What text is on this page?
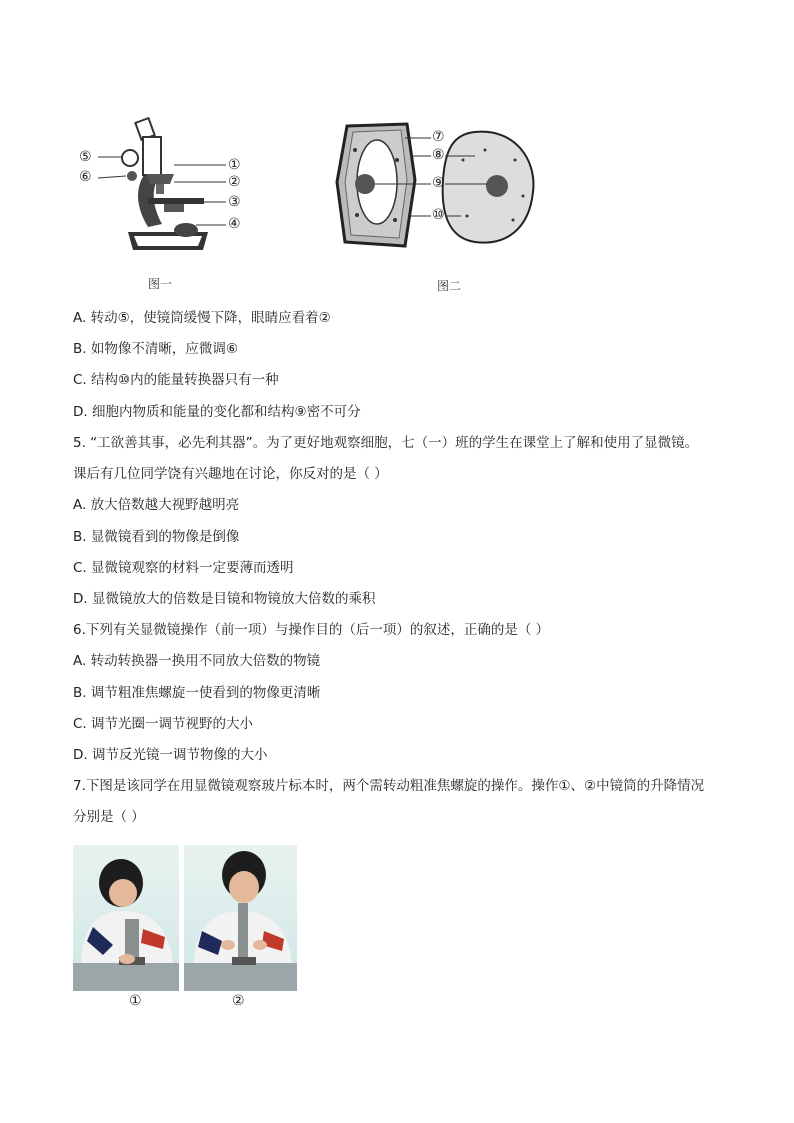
⑤
⑥
①
②
③
④
图一
⑦
⑧
⑨
⑩
图二
A. 转动⑤，使镜筒缓慢下降，眼睛应看着②
B. 如物像不清晰，应微调⑥
C. 结构⑩内的能量转换器只有一种
D. 细胞内物质和能量的变化都和结构⑨密不可分
5. “工欲善其事，必先利其器”。为了更好地观察细胞，七（一）班的学生在课堂上了解和使用了显微镜。
课后有几位同学饶有兴趣地在讨论，你反对的是（ ）
A. 放大倍数越大视野越明亮
B. 显微镜看到的物像是倒像
C. 显微镜观察的材料一定要薄而透明
D. 显微镜放大的倍数是目镜和物镜放大倍数的乘积
6.下列有关显微镜操作（前一项）与操作目的（后一项）的叙述，正确的是（ ）
A. 转动转换器一换用不同放大倍数的物镜
B. 调节粗准焦螺旋一使看到的物像更清晰
C. 调节光圈一调节视野的大小
D. 调节反光镜一调节物像的大小
7.下图是该同学在用显微镜观察玻片标本时，两个需转动粗准焦螺旋的操作。操作①、②中镜筒的升降情况
分别是（ ）
①	②
